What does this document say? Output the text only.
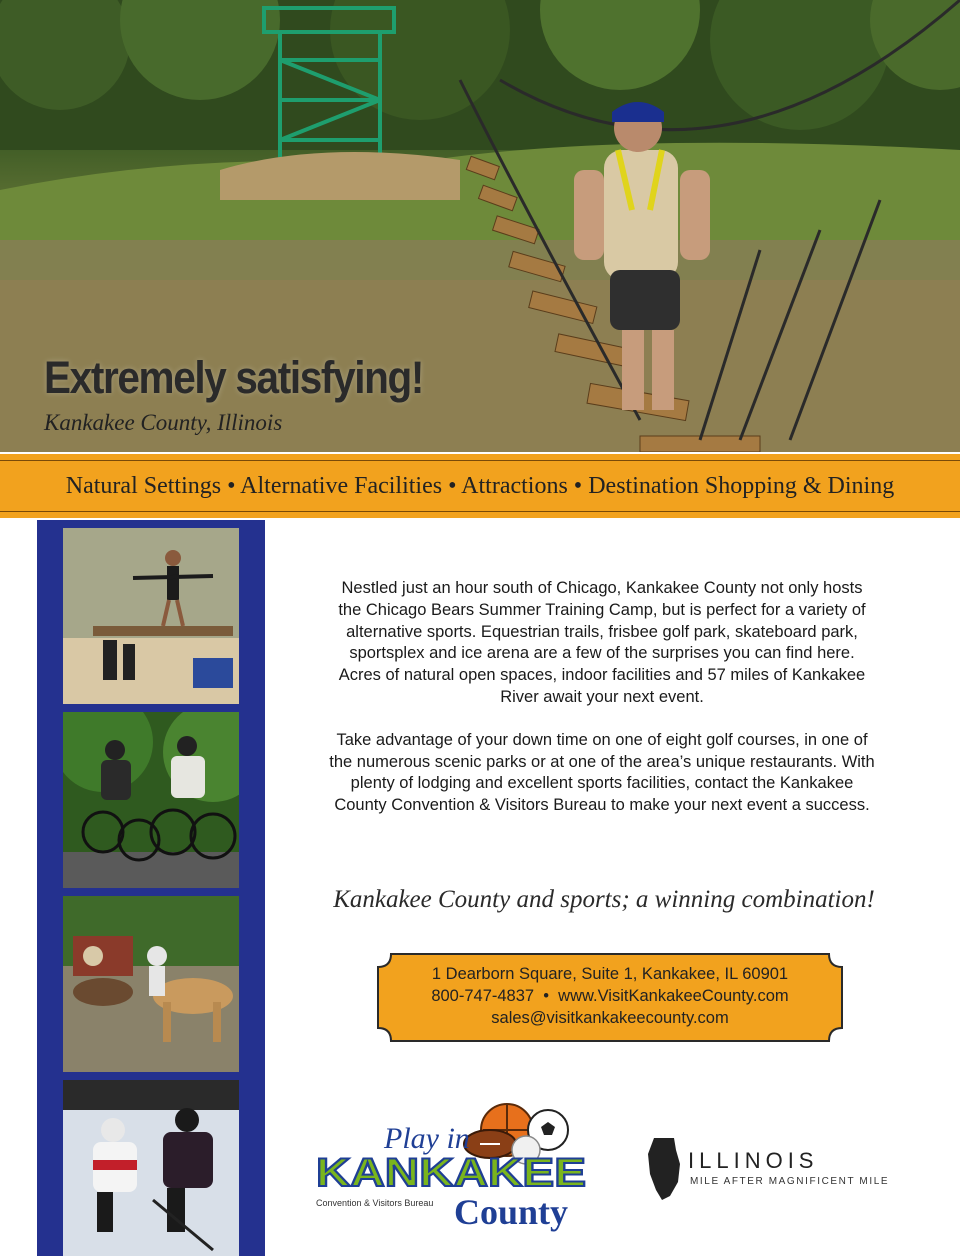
Extremely satisfying!
Kankakee County, Illinois
Natural Settings • Alternative Facilities • Attractions • Destination Shopping & Dining

Nestled just an hour south of Chicago, Kankakee County not only hosts the Chicago Bears Summer Training Camp, but is perfect for a variety of alternative sports. Equestrian trails, frisbee golf park, skateboard park, sportsplex and ice arena are a few of the surprises you can find here. Acres of natural open spaces, indoor facilities and 57 miles of Kankakee River await your next event.

Take advantage of your down time on one of eight golf courses, in one of the numerous scenic parks or at one of the area’s unique restaurants. With plenty of lodging and excellent sports facilities, contact the Kankakee County Convention & Visitors Bureau to make your next event a success.

Kankakee County and sports; a winning combination!
1 Dearborn Square, Suite 1, Kankakee, IL 60901
800-747-4837  •  www.VisitKankakeeCounty.com
sales@visitkankakeecounty.com
Play in
KANKAKEE
Convention & Visitors Bureau County
ILLINOIS
MILE AFTER MAGNIFICENT MILE
